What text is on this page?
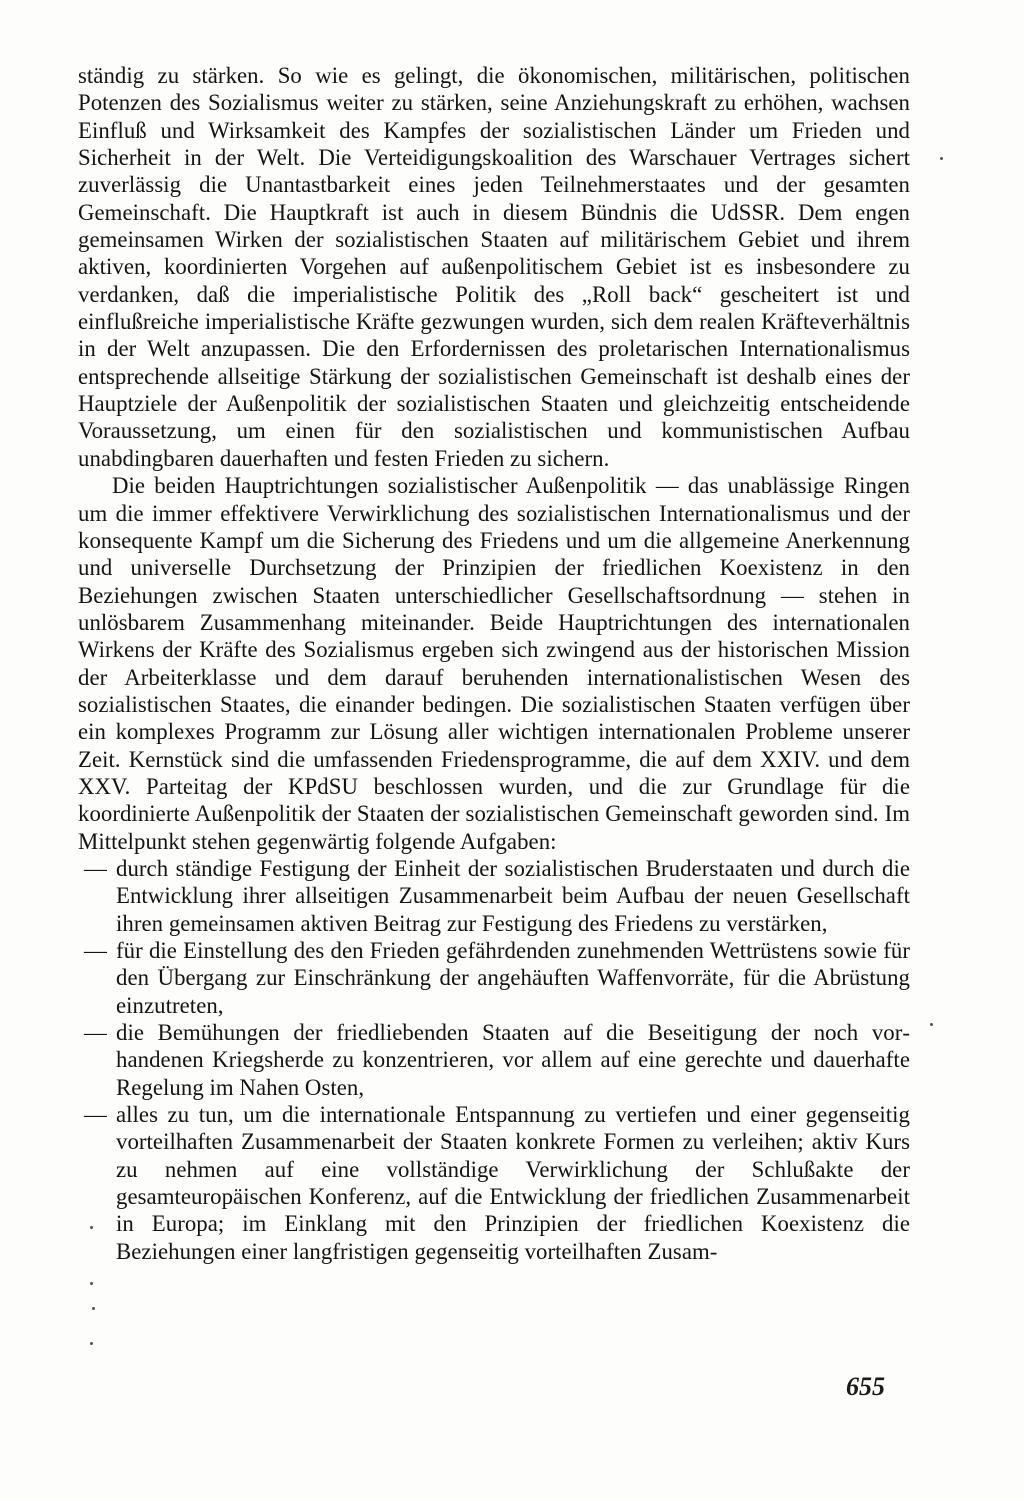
ständig zu stärken. So wie es gelingt, die ökonomischen, militärischen, politischen Potenzen des Sozialismus weiter zu stärken, seine Anziehungskraft zu erhöhen, wachsen Einfluß und Wirksamkeit des Kampfes der sozialistischen Länder um Frieden und Sicherheit in der Welt. Die Verteidigungskoalition des Warschauer Vertrages sichert zuverlässig die Unantastbarkeit eines jeden Teilnehmerstaates und der gesamten Gemeinschaft. Die Hauptkraft ist auch in diesem Bündnis die UdSSR. Dem engen gemeinsamen Wirken der sozialistischen Staaten auf militärischem Gebiet und ihrem aktiven, koordinierten Vorgehen auf außenpolitischem Gebiet ist es insbesondere zu verdanken, daß die imperialistische Politik des „Roll back“ gescheitert ist und einflußreiche imperialistische Kräfte gezwungen wurden, sich dem realen Kräfteverhältnis in der Welt anzupassen. Die den Erfordernissen des proletarischen Internationalismus entsprechende allseitige Stärkung der sozialistischen Gemeinschaft ist deshalb eines der Hauptziele der Außenpolitik der sozialistischen Staaten und gleichzeitig entscheidende Voraussetzung, um einen für den sozialistischen und kommunistischen Aufbau unabdingbaren dauerhaften und festen Frieden zu sichern.

Die beiden Hauptrichtungen sozialistischer Außenpolitik — das unablässige Ringen um die immer effektivere Verwirklichung des sozialistischen Internationalismus und der konsequente Kampf um die Sicherung des Friedens und um die allgemeine Anerkennung und universelle Durchsetzung der Prinzipien der friedlichen Koexistenz in den Beziehungen zwischen Staaten unterschiedlicher Gesellschaftsordnung — stehen in unlösbarem Zusammenhang miteinander. Beide Hauptrichtungen des internationalen Wirkens der Kräfte des Sozialismus ergeben sich zwingend aus der historischen Mission der Arbeiterklasse und dem darauf beruhenden internationalistischen Wesen des sozialistischen Staates, die einander bedingen. Die sozialistischen Staaten verfügen über ein komplexes Programm zur Lösung aller wichtigen internationalen Probleme unserer Zeit. Kernstück sind die umfassenden Friedensprogramme, die auf dem XXIV. und dem XXV. Parteitag der KPdSU beschlossen wurden, und die zur Grundlage für die koordinierte Außenpolitik der Staaten der sozialistischen Gemeinschaft geworden sind. Im Mittelpunkt stehen gegenwärtig folgende Aufgaben:

— durch ständige Festigung der Einheit der sozialistischen Bruderstaaten und durch die Entwicklung ihrer allseitigen Zusammenarbeit beim Aufbau der neuen Gesellschaft ihren gemeinsamen aktiven Beitrag zur Festigung des Friedens zu verstärken,
— für die Einstellung des den Frieden gefährdenden zunehmenden Wettrüstens sowie für den Übergang zur Einschränkung der angehäuften Waffenvorräte, für die Abrüstung einzutreten,
— die Bemühungen der friedliebenden Staaten auf die Beseitigung der noch vorhandenen Kriegsherde zu konzentrieren, vor allem auf eine gerechte und dauerhafte Regelung im Nahen Osten,
— alles zu tun, um die internationale Entspannung zu vertiefen und einer gegenseitig vorteilhaften Zusammenarbeit der Staaten konkrete Formen zu verleihen; aktiv Kurs zu nehmen auf eine vollständige Verwirklichung der Schlußakte der gesamteuropäischen Konferenz, auf die Entwicklung der friedlichen Zusammenarbeit in Europa; im Einklang mit den Prinzipien der friedlichen Koexistenz die Beziehungen einer langfristigen gegenseitig vorteilhaften Zusam-
655
